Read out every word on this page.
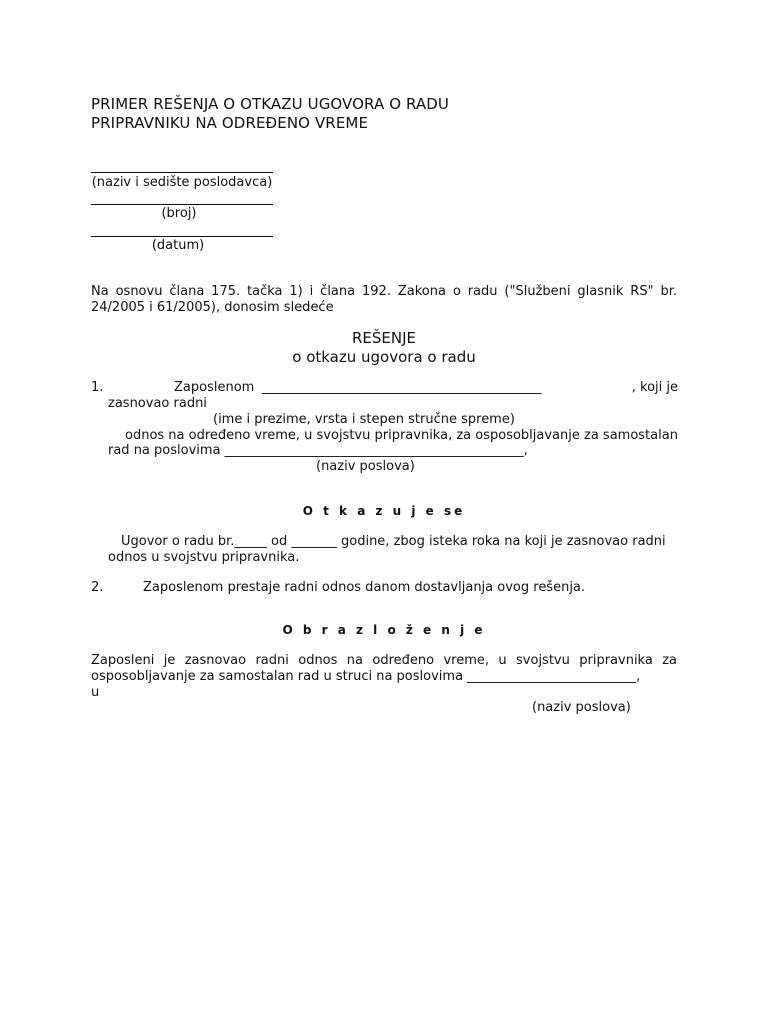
PRIMER REŠENJA O OTKAZU UGOVORA O RADU
PRIPRAVNIKU NA ODREĐENO VREME
(naziv i sedište poslodavca)
(broj)
(datum)
Na osnovu člana 175. tačka 1) i člana 192. Zakona o radu ("Službeni glasnik RS" br.
24/2005 i 61/2005), donosim sledeće
REŠENJE
o otkazu ugovora o radu
1.	Zaposlenom ___________________________________________	, koji je
zasnovao radni
(ime i prezime, vrsta i stepen stručne spreme)
odnos na određeno vreme, u svojstvu pripravnika, za osposobljavanje za samostalan
rad na poslovima ______________________________________________,
(naziv poslova)
O t k a z u j e se
Ugovor o radu br._____ od _______ godine, zbog isteka roka na koji je zasnovao radni
odnos u svojstvu pripravnika.
2.	Zaposlenom prestaje radni odnos danom dostavljanja ovog rešenja.
O b r a z l o ž e n j e
Zaposleni je zasnovao radni odnos na određeno vreme, u svojstvu pripravnika za
osposobljavanje za samostalan rad u struci na poslovima __________________________,
u
(naziv poslova)
